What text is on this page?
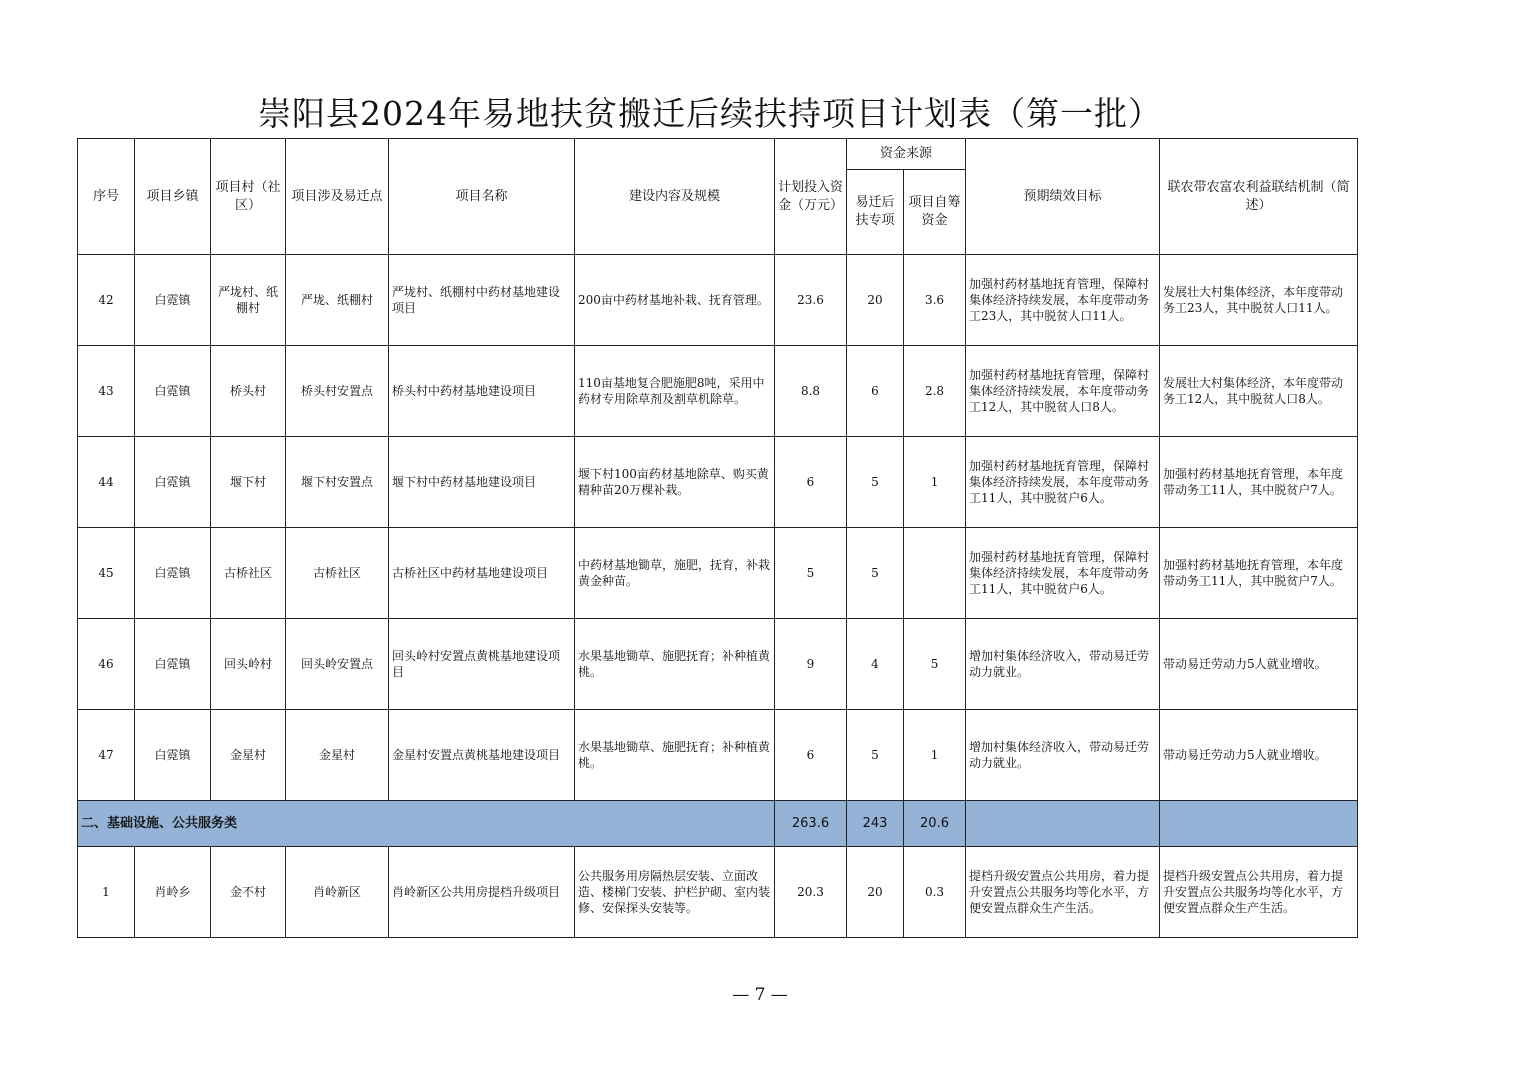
崇阳县2024年易地扶贫搬迁后续扶持项目计划表（第一批）
序号	项目乡镇	项目村（社区）	项目涉及易迁点	项目名称	建设内容及规模	计划投入资金（万元）	资金来源		预期绩效目标	联农带农富农利益联结机制（简述）
							易迁后扶专项	项目自筹资金		
42	白霓镇	严垅村、纸棚村	严垅、纸棚村	严垅村、纸棚村中药材基地建设项目	200亩中药材基地补栽、抚育管理。	23.6	20	3.6	加强村药材基地抚育管理，保障村集体经济持续发展，本年度带动务工23人，其中脱贫人口11人。	发展壮大村集体经济，本年度带动务工23人，其中脱贫人口11人。
43	白霓镇	桥头村	桥头村安置点	桥头村中药材基地建设项目	110亩基地复合肥施肥8吨，采用中药材专用除草剂及割草机除草。	8.8	6	2.8	加强村药材基地抚育管理，保障村集体经济持续发展，本年度带动务工12人，其中脱贫人口8人。	发展壮大村集体经济，本年度带动务工12人，其中脱贫人口8人。
44	白霓镇	堰下村	堰下村安置点	堰下村中药材基地建设项目	堰下村100亩药材基地除草、购买黄精种苗20万棵补栽。	6	5	1	加强村药材基地抚育管理，保障村集体经济持续发展，本年度带动务工11人，其中脱贫户6人。	加强村药材基地抚育管理，本年度带动务工11人，其中脱贫户7人。
45	白霓镇	古桥社区	古桥社区	古桥社区中药材基地建设项目	中药材基地锄草，施肥，抚育，补栽黄金种苗。	5	5		加强村药材基地抚育管理，保障村集体经济持续发展，本年度带动务工11人，其中脱贫户6人。	加强村药材基地抚育管理，本年度带动务工11人，其中脱贫户7人。
46	白霓镇	回头岭村	回头岭安置点	回头岭村安置点黄桃基地建设项目	水果基地锄草、施肥抚育；补种植黄桃。	9	4	5	增加村集体经济收入，带动易迁劳动力就业。	带动易迁劳动力5人就业增收。
47	白霓镇	金星村	金星村	金星村安置点黄桃基地建设项目	水果基地锄草、施肥抚育；补种植黄桃。	6	5	1	增加村集体经济收入，带动易迁劳动力就业。	带动易迁劳动力5人就业增收。
二、基础设施、公共服务类						263.6	243	20.6		
1	肖岭乡	金不村	肖岭新区	肖岭新区公共用房提档升级项目	公共服务用房隔热层安装、立面改造、楼梯门安装、护栏护砌、室内装修、安保探头安装等。	20.3	20	0.3	提档升级安置点公共用房，着力提升安置点公共服务均等化水平，方便安置点群众生产生活。	提档升级安置点公共用房，着力提升安置点公共服务均等化水平，方便安置点群众生产生活。
— 7 —
